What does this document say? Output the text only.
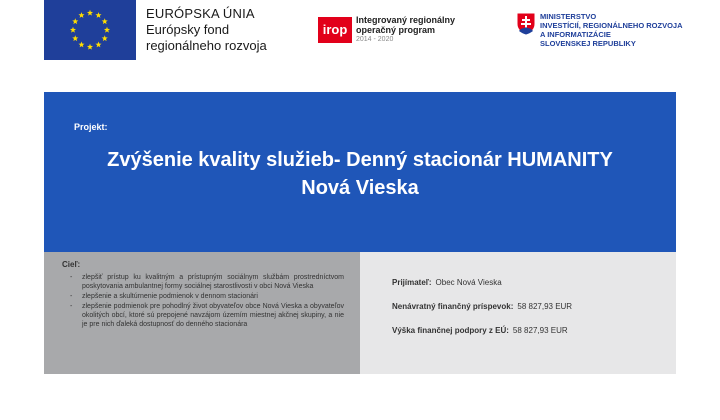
EURÓPSKA ÚNIA
Európsky fond
regionálneho rozvoja
irop
Integrovaný regionálny
operačný program
2014 - 2020
MINISTERSTVO
INVESTÍCIÍ, REGIONÁLNEHO ROZVOJA
A INFORMATIZÁCIE
SLOVENSKEJ REPUBLIKY
Projekt:
Zvýšenie kvality služieb- Denný stacionár HUMANITY
Nová Vieska
Cieľ:
- zlepšiť prístup ku kvalitným a prístupným sociálnym službám prostredníctvom poskytovania ambulantnej formy sociálnej starostlivosti v obci Nová Vieska
- zlepšenie a skultúrnenie podmienok v dennom stacionári
- zlepšenie podmienok pre pohodlný život obyvateľov obce Nová Vieska a obyvateľov okolitých obcí, ktoré sú prepojené navzájom územím miestnej akčnej skupiny, a nie je pre nich ďaleká dostupnosť do denného stacionára
Prijímateľ: Obec Nová Vieska
Nenávratný finančný príspevok: 58 827,93 EUR
Výška finančnej podpory z EÚ: 58 827,93 EUR
